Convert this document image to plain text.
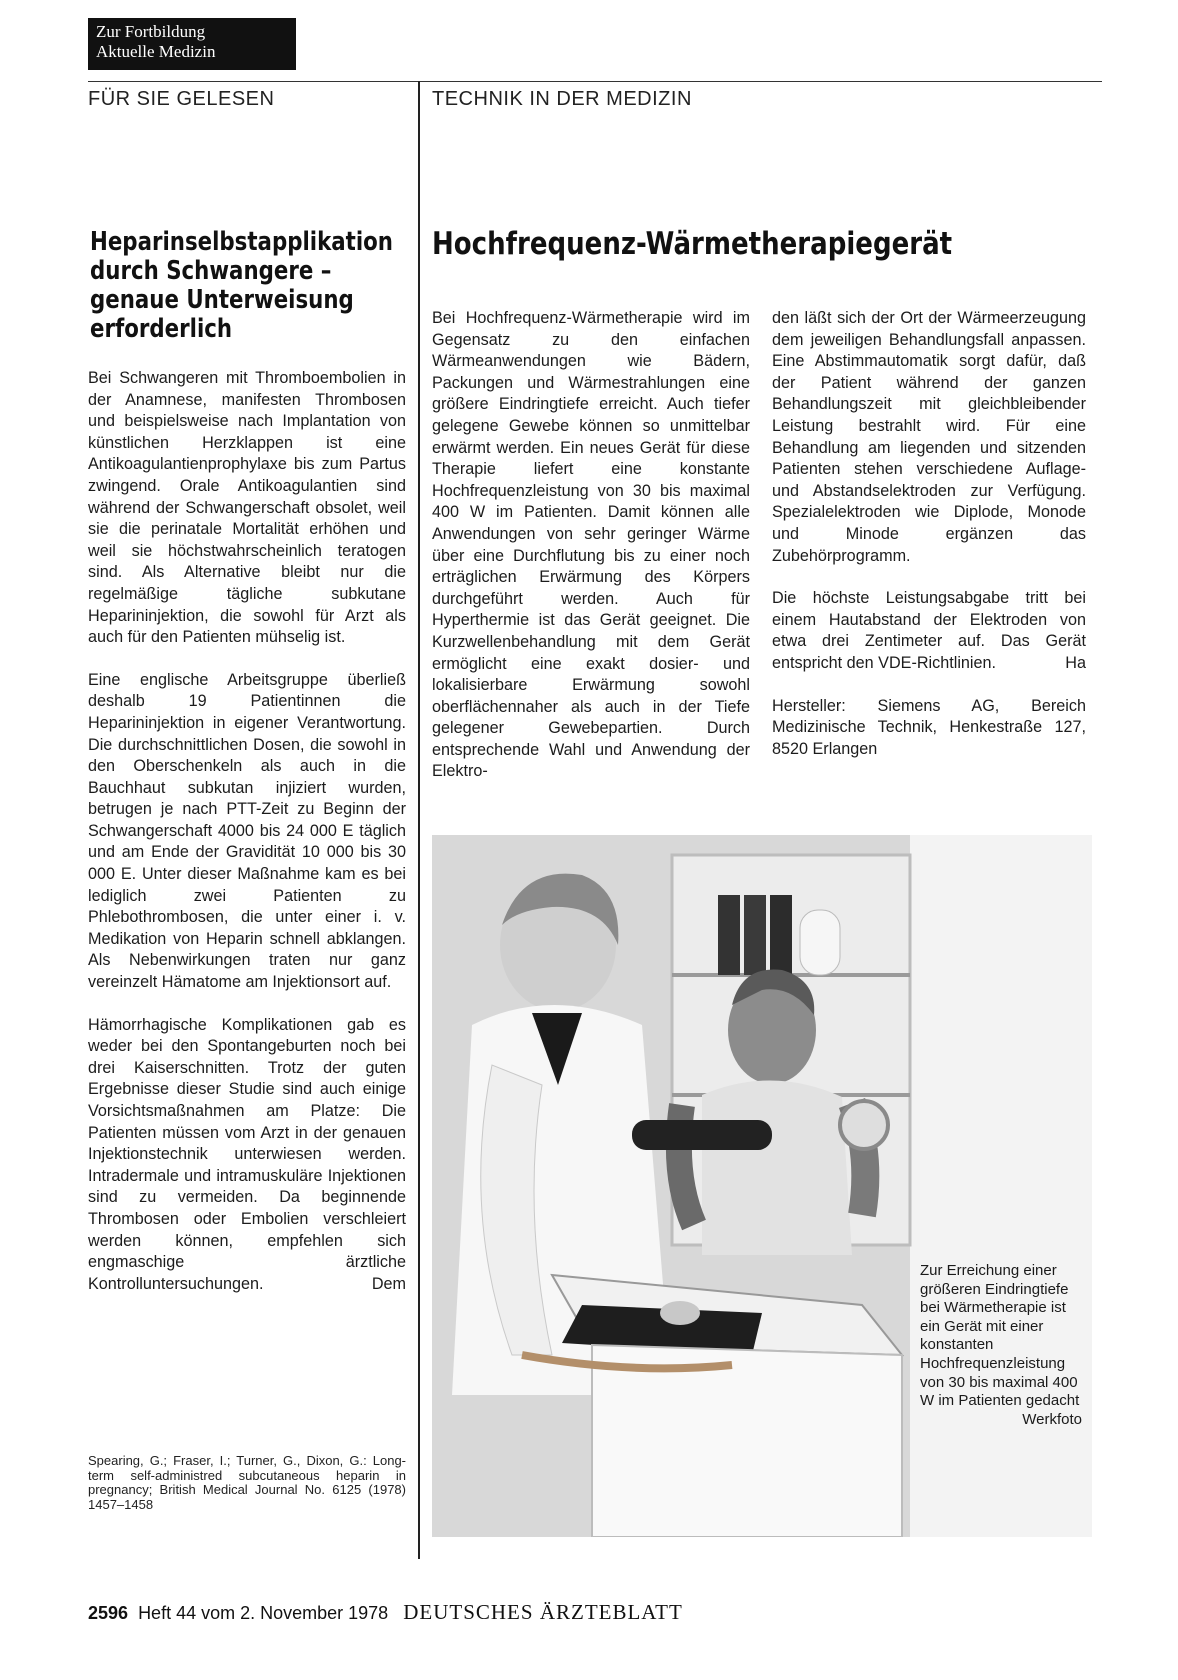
Zur Fortbildung
Aktuelle Medizin
FÜR SIE GELESEN	TECHNIK IN DER MEDIZIN
Heparinselbstapplikation durch Schwangere – genaue Unterweisung erforderlich
Hochfrequenz-Wärmetherapiegerät

Bei Schwangeren mit Thromboembolien in der Anamnese, manifesten Thrombosen und beispielsweise nach Implantation von künstlichen Herzklappen ist eine Antikoagulantienprophylaxe bis zum Partus zwingend. Orale Antikoagulantien sind während der Schwangerschaft obsolet, weil sie die perinatale Mortalität erhöhen und weil sie höchstwahrscheinlich teratogen sind. Als Alternative bleibt nur die regelmäßige tägliche subkutane Heparininjektion, die sowohl für Arzt als auch für den Patienten mühselig ist.

Eine englische Arbeitsgruppe überließ deshalb 19 Patientinnen die Heparininjektion in eigener Verantwortung. Die durchschnittlichen Dosen, die sowohl in den Oberschenkeln als auch in die Bauchhaut subkutan injiziert wurden, betrugen je nach PTT-Zeit zu Beginn der Schwangerschaft 4000 bis 24 000 E täglich und am Ende der Gravidität 10 000 bis 30 000 E. Unter dieser Maßnahme kam es bei lediglich zwei Patienten zu Phlebothrombosen, die unter einer i. v. Medikation von Heparin schnell abklangen. Als Nebenwirkungen traten nur ganz vereinzelt Hämatome am Injektionsort auf.

Hämorrhagische Komplikationen gab es weder bei den Spontangeburten noch bei drei Kaiserschnitten. Trotz der guten Ergebnisse dieser Studie sind auch einige Vorsichtsmaßnahmen am Platze: Die Patienten müssen vom Arzt in der genauen Injektionstechnik unterwiesen werden. Intradermale und intramuskuläre Injektionen sind zu vermeiden. Da beginnende Thrombosen oder Embolien verschleiert werden können, empfehlen sich engmaschige ärztliche Kontrolluntersuchungen.	Dem

Spearing, G.; Fraser, I.; Turner, G., Dixon, G.: Long-term self-administred subcutaneous heparin in pregnancy; British Medical Journal No. 6125 (1978) 1457–1458

Bei Hochfrequenz-Wärmetherapie wird im Gegensatz zu den einfachen Wärmeanwendungen wie Bädern, Packungen und Wärmestrahlungen eine größere Eindringtiefe erreicht. Auch tiefer gelegene Gewebe können so unmittelbar erwärmt werden. Ein neues Gerät für diese Therapie liefert eine konstante Hochfrequenzleistung von 30 bis maximal 400 W im Patienten. Damit können alle Anwendungen von sehr geringer Wärme über eine Durchflutung bis zu einer noch erträglichen Erwärmung des Körpers durchgeführt werden. Auch für Hyperthermie ist das Gerät geeignet. Die Kurzwellenbehandlung mit dem Gerät ermöglicht eine exakt dosier- und lokalisierbare Erwärmung sowohl oberflächennaher als auch in der Tiefe gelegener Gewebepartien. Durch entsprechende Wahl und Anwendung der Elektro-

den läßt sich der Ort der Wärmeerzeugung dem jeweiligen Behandlungsfall anpassen. Eine Abstimmautomatik sorgt dafür, daß der Patient während der ganzen Behandlungszeit mit gleichbleibender Leistung bestrahlt wird. Für eine Behandlung am liegenden und sitzenden Patienten stehen verschiedene Auflage- und Abstandselektroden zur Verfügung. Spezialelektroden wie Diplode, Monode und Minode ergänzen das Zubehörprogramm.

Die höchste Leistungsabgabe tritt bei einem Hautabstand der Elektroden von etwa drei Zentimeter auf. Das Gerät entspricht den VDE-Richtlinien.	Ha

Hersteller: Siemens AG, Bereich Medizinische Technik, Henkestraße 127, 8520 Erlangen

Zur Erreichung einer größeren Eindringtiefe bei Wärmetherapie ist ein Gerät mit einer konstanten Hochfrequenzleistung von 30 bis maximal 400 W im Patienten gedacht
Werkfoto
2596 Heft 44 vom 2. November 1978 DEUTSCHES ÄRZTEBLATT
